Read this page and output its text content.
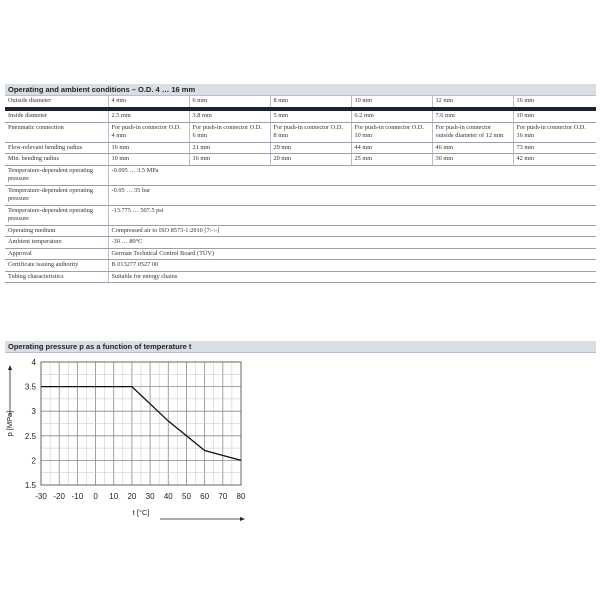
Operating and ambient conditions – O.D. 4 … 16 mm
Outside diameter	4 mm	6 mm	8 mm	10 mm	12 mm	16 mm
Inside diameter	2.5 mm	3.8 mm	5 mm	6.2 mm	7.6 mm	10 mm
Pneumatic connection	For push-in connector O.D. 4 mm	For push-in connector O.D. 6 mm	For push-in connector O.D. 8 mm	For push-in connector O.D. 10 mm	For push-in connector outside diameter of 12 mm	For push-in connector O.D. 16 mm
Flow-relevant bending radius	16 mm	21 mm	29 mm	44 mm	46 mm	73 mm
Min. bending radius	10 mm	16 mm	20 mm	25 mm	30 mm	42 mm
Temperature-dependent operating pressure	-0.095 … 3.5 MPa					
Temperature-dependent operating pressure	-0.95 … 35 bar					
Temperature-dependent operating pressure	-13.775 … 507.5 psi					
Operating medium	Compressed air to ISO 8573-1:2010 [7:-:-]					
Ambient temperature	-30 … 80°C					
Approval	German Technical Control Board (TÜV)					
Certificate issuing authority	B 013277 0527 00					
Tubing characteristics	Suitable for energy chains					
Operating pressure p as a function of temperature t
-30 -20 -10 0 10 20 30 40 50 60 70 80
1.5
2
2.5
3
3.5
4
p [MPa]
t [°C]
